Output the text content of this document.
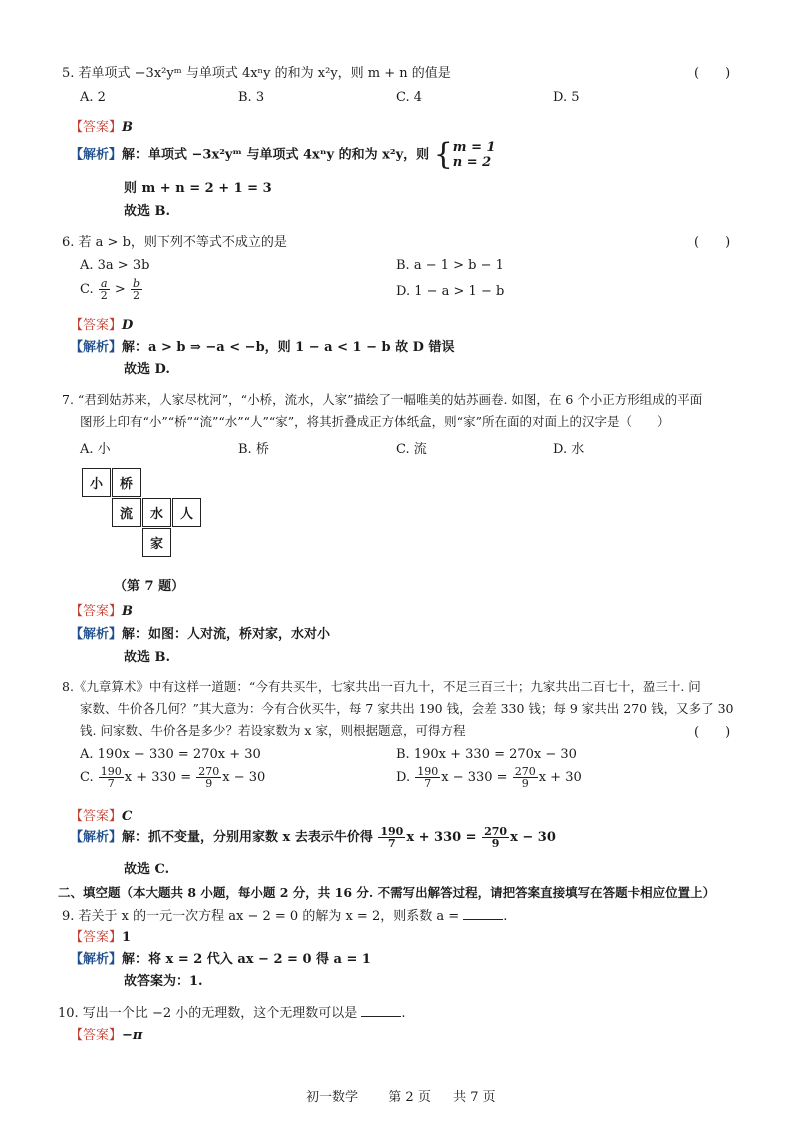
5. 若单项式 −3x²yᵐ 与单项式 4xⁿy 的和为 x²y，则 m + n 的值是	(　　)
A. 2	B. 3	C. 4	D. 5
【答案】B
【解析】解：单项式 −3x²yᵐ 与单项式 4xⁿy 的和为 x²y，则 { m = 1
n = 2
则 m + n = 2 + 1 = 3
故选 B.
6. 若 a > b，则下列不等式不成立的是	(　　)
A. 3a > 3b	B. a − 1 > b − 1
C. $\frac{a}{2} > \frac{b}{2}$	D. 1 − a > 1 − b
【答案】D
【解析】解：a > b ⇒ −a < −b，则 1 − a < 1 − b 故 D 错误
故选 D.
7. “君到姑苏来，人家尽枕河”，“小桥，流水，人家”描绘了一幅唯美的姑苏画卷. 如图，在 6 个小正方形组成的平面
图形上印有“小”“桥”“流”“水”“人”“家”，将其折叠成正方体纸盒，则“家”所在面的对面上的汉字是（　　）
A. 小	B. 桥	C. 流	D. 水
小	桥
流	水	人
家
（第 7 题）
【答案】B
【解析】解：如图：人对流，桥对家，水对小
故选 B.
8.《九章算术》中有这样一道题：“今有共买牛，七家共出一百九十，不足三百三十；九家共出二百七十，盈三十. 问
家数、牛价各几何？”其大意为：今有合伙买牛，每 7 家共出 190 钱，会差 330 钱；每 9 家共出 270 钱，又多了 30
钱. 问家数、牛价各是多少？若设家数为 x 家，则根据题意，可得方程	(　　)
A. 190x − 330 = 270x + 30	B. 190x + 330 = 270x − 30
C. $\frac{190}{7}$ $x + 330 = \frac{270}{9}$ x − 30	D. $\frac{190}{7}$ $x - 330 = \frac{270}{9}$ x + 30
【答案】C
【解析】解：抓不变量，分别用家数 x 去表示牛价得 $\frac{190}{7}$ $x + 330 = \frac{270}{9}$ x − 30
故选 C.
二、填空题（本大题共 8 小题，每小题 2 分，共 16 分. 不需写出解答过程，请把答案直接填写在答题卡相应位置上）
9. 若关于 x 的一元一次方程 ax − 2 = 0 的解为 x = 2，则系数 a =	.
【答案】1
【解析】解：将 x = 2 代入 ax − 2 = 0 得 a = 1
故答案为：1.
10. 写出一个比 −2 小的无理数，这个无理数可以是	.
【答案】−π
初一数学 第 2 页 共 7 页
